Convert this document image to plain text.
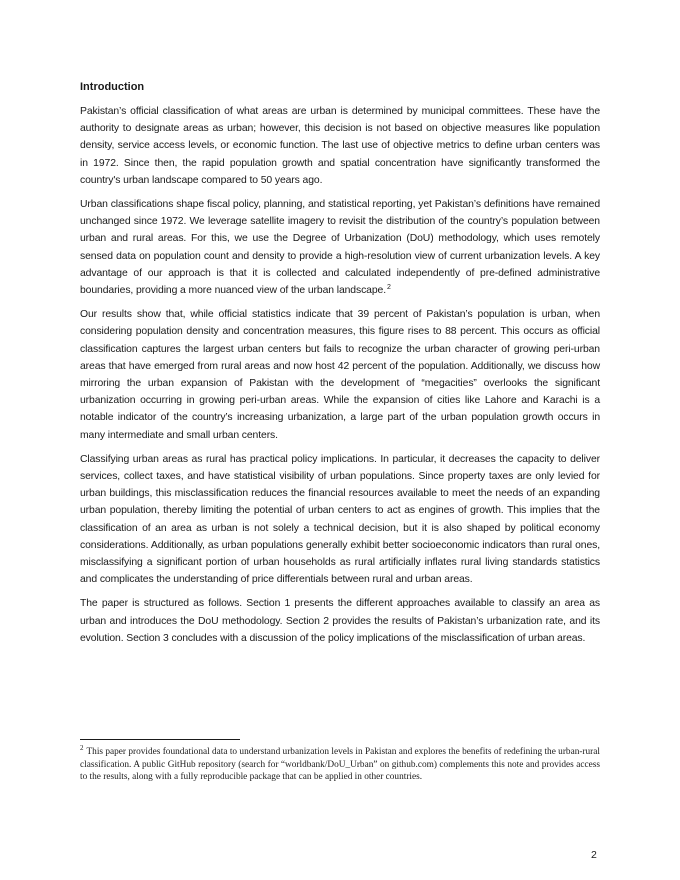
Introduction

Pakistan’s official classification of what areas are urban is determined by municipal committees. These have the authority to designate areas as urban; however, this decision is not based on objective measures like population density, service access levels, or economic function. The last use of objective metrics to define urban centers was in 1972. Since then, the rapid population growth and spatial concentration have significantly transformed the country's urban landscape compared to 50 years ago.

Urban classifications shape fiscal policy, planning, and statistical reporting, yet Pakistan’s definitions have remained unchanged since 1972. We leverage satellite imagery to revisit the distribution of the country’s population between urban and rural areas. For this, we use the Degree of Urbanization (DoU) methodology, which uses remotely sensed data on population count and density to provide a high-resolution view of current urbanization levels. A key advantage of our approach is that it is collected and calculated independently of pre-defined administrative boundaries, providing a more nuanced view of the urban landscape.$^2$

Our results show that, while official statistics indicate that 39 percent of Pakistan’s population is urban, when considering population density and concentration measures, this figure rises to 88 percent. This occurs as official classification captures the largest urban centers but fails to recognize the urban character of growing peri-urban areas that have emerged from rural areas and now host 42 percent of the population. Additionally, we discuss how mirroring the urban expansion of Pakistan with the development of “megacities” overlooks the significant urbanization occurring in growing peri-urban areas. While the expansion of cities like Lahore and Karachi is a notable indicator of the country’s increasing urbanization, a large part of the urban population growth occurs in many intermediate and small urban centers.

Classifying urban areas as rural has practical policy implications. In particular, it decreases the capacity to deliver services, collect taxes, and have statistical visibility of urban populations. Since property taxes are only levied for urban buildings, this misclassification reduces the financial resources available to meet the needs of an expanding urban population, thereby limiting the potential of urban centers to act as engines of growth. This implies that the classification of an area as urban is not solely a technical decision, but it is also shaped by political economy considerations. Additionally, as urban populations generally exhibit better socioeconomic indicators than rural ones, misclassifying a significant portion of urban households as rural artificially inflates rural living standards statistics and complicates the understanding of price differentials between rural and urban areas.

The paper is structured as follows. Section 1 presents the different approaches available to classify an area as urban and introduces the DoU methodology. Section 2 provides the results of Pakistan’s urbanization rate, and its evolution. Section 3 concludes with a discussion of the policy implications of the misclassification of urban areas.

$^2$ This paper provides foundational data to understand urbanization levels in Pakistan and explores the benefits of redefining the urban-rural classification. A public GitHub repository (search for “worldbank/DoU_Urban” on github.com) complements this note and provides access to the results, along with a fully reproducible package that can be applied in other countries.

2
